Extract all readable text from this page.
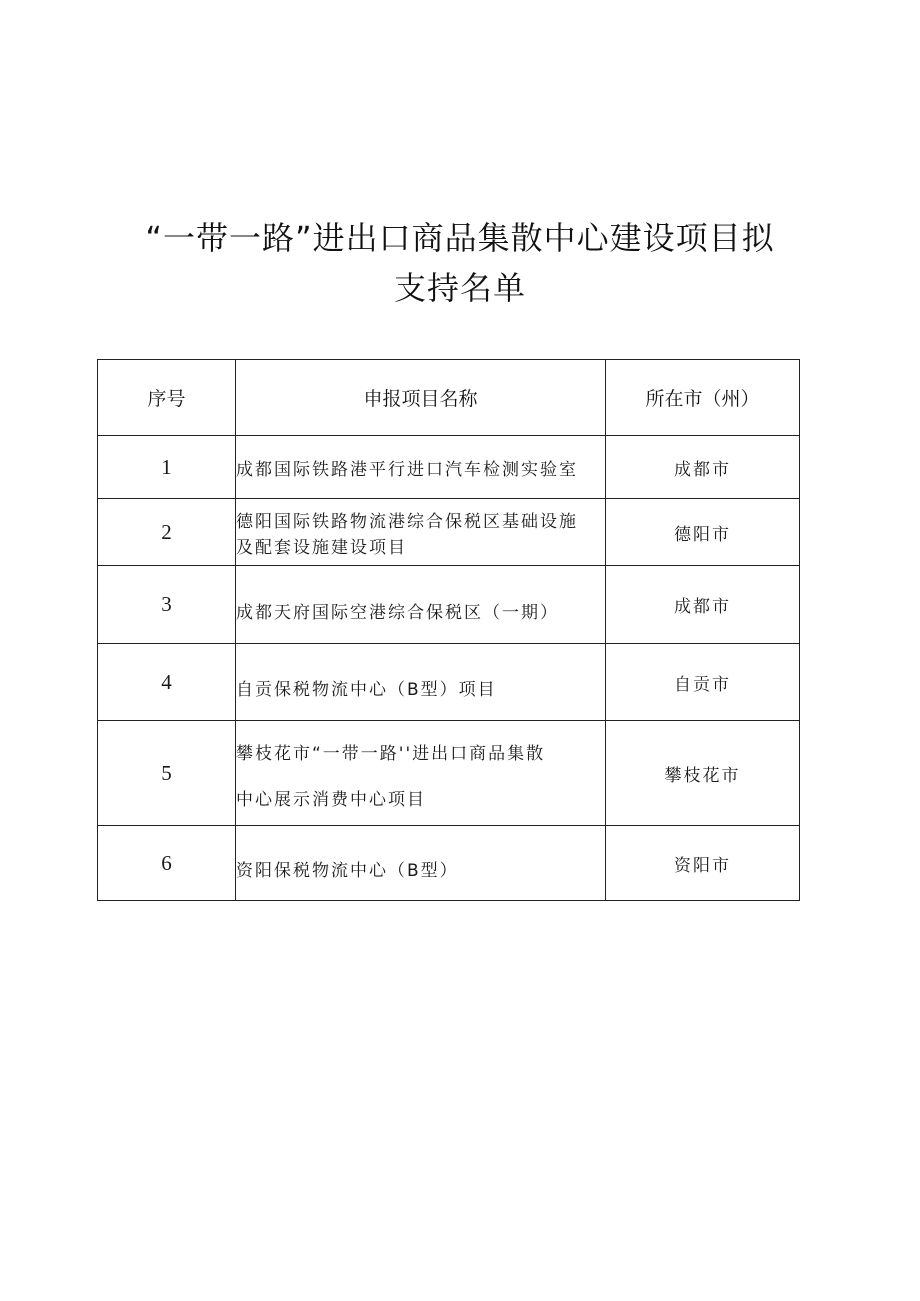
“一带一路”进出口商品集散中心建设项目拟
支持名单
序号	申报项目名称	所在市（州）
1	成都国际铁路港平行进口汽车检测实验室	成都市
2	德阳国际铁路物流港综合保税区基础设施
及配套设施建设项目	德阳市
3	成都天府国际空港综合保税区（一期）	成都市
4	自贡保税物流中心（B型）项目	自贡市
5	攀枝花市“一带一路''进出口商品集散
中心展示消费中心项目	攀枝花市
6	资阳保税物流中心（B型）	资阳市
